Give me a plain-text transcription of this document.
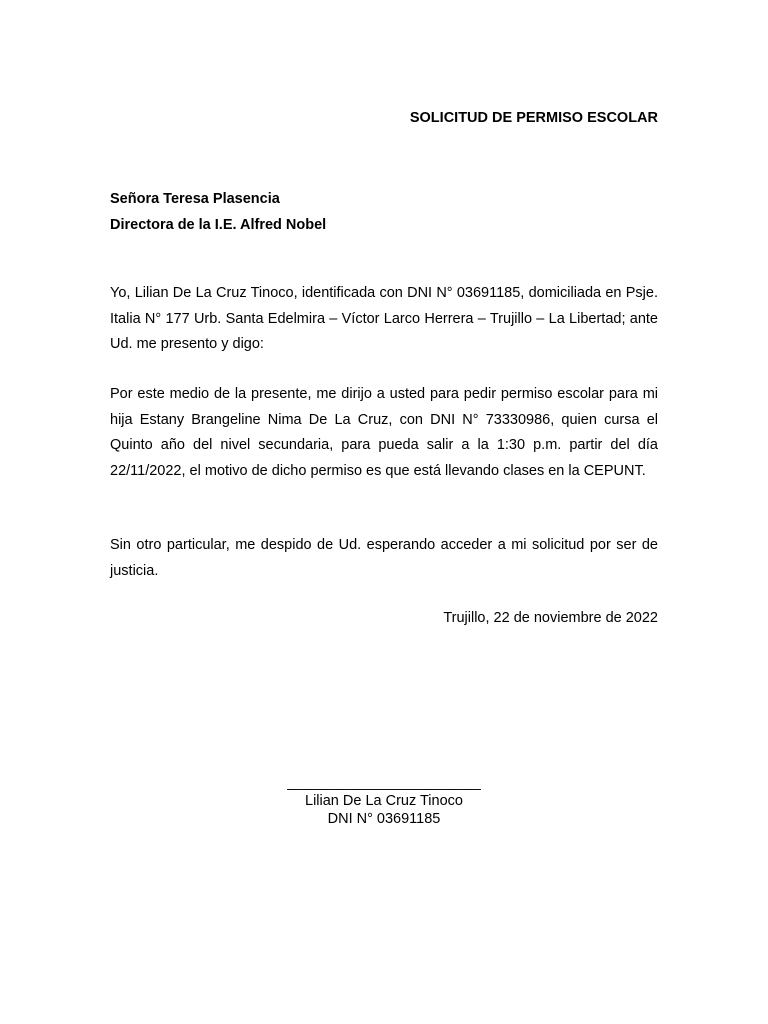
SOLICITUD DE PERMISO ESCOLAR
Señora Teresa Plasencia
Directora de la I.E. Alfred Nobel
Yo, Lilian De La Cruz Tinoco, identificada con DNI N° 03691185, domiciliada en Psje. Italia N° 177 Urb. Santa Edelmira – Víctor Larco Herrera – Trujillo – La Libertad; ante Ud. me presento y digo:
Por este medio de la presente, me dirijo a usted para pedir permiso escolar para mi hija Estany Brangeline Nima De La Cruz, con DNI N° 73330986, quien cursa el Quinto año del nivel secundaria, para pueda salir a la 1:30 p.m. partir del día 22/11/2022, el motivo de dicho permiso es que está llevando clases en la CEPUNT.
Sin otro particular, me despido de Ud. esperando acceder a mi solicitud por ser de justicia.
Trujillo, 22 de noviembre de 2022
________________________
Lilian De La Cruz Tinoco
DNI N° 03691185
